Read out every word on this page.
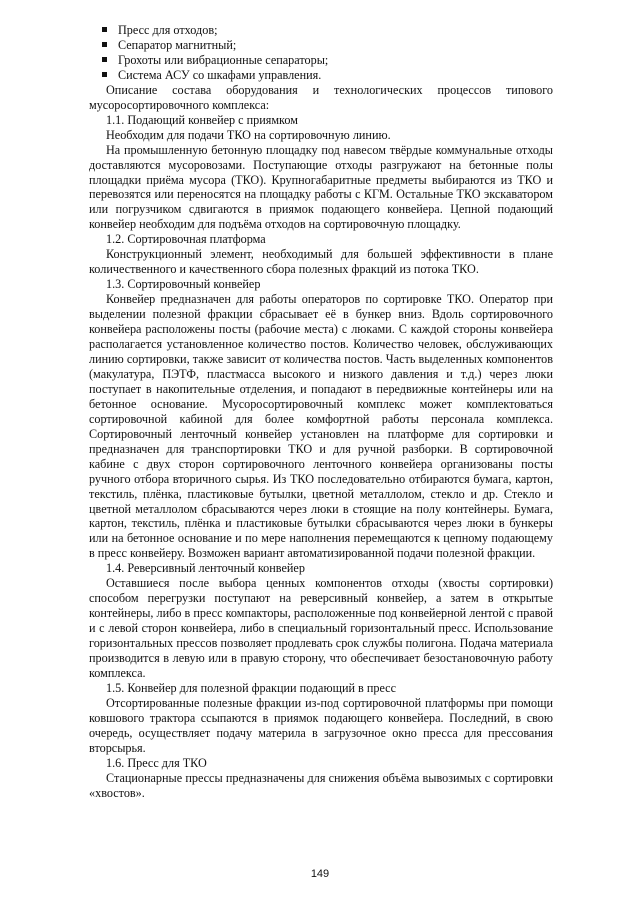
Пресс для отходов;
Сепаратор магнитный;
Грохоты или вибрационные сепараторы;
Система АСУ со шкафами управления.

Описание состава оборудования и технологических процессов типового мусоросортировочного комплекса:

1.1. Подающий конвейер с приямком

Необходим для подачи ТКО на сортировочную линию.

На промышленную бетонную площадку под навесом твёрдые коммунальные отходы доставляются мусоровозами. Поступающие отходы разгружают на бетонные полы площадки приёма мусора (ТКО). Крупногабаритные предметы выбираются из ТКО и перевозятся или переносятся на площадку работы с КГМ. Остальные ТКО экскаватором или погрузчиком сдвигаются в приямок подающего конвейера. Цепной подающий конвейер необходим для подъёма отходов на сортировочную площадку.

1.2. Сортировочная платформа

Конструкционный элемент, необходимый для большей эффективности в плане количественного и качественного сбора полезных фракций из потока ТКО.

1.3. Сортировочный конвейер

Конвейер предназначен для работы операторов по сортировке ТКО. Оператор при выделении полезной фракции сбрасывает её в бункер вниз. Вдоль сортировочного конвейера расположены посты (рабочие места) с люками. С каждой стороны конвейера располагается установленное количество постов. Количество человек, обслуживающих линию сортировки, также зависит от количества постов. Часть выделенных компонентов (макулатура, ПЭТФ, пластмасса высокого и низкого давления и т.д.) через люки поступает в накопительные отделения, и попадают в передвижные контейнеры или на бетонное основание. Мусоросортировочный комплекс может комплектоваться сортировочной кабиной для более комфортной работы персонала комплекса. Сортировочный ленточный конвейер установлен на платформе для сортировки и предназначен для транспортировки ТКО и для ручной разборки. В сортировочной кабине с двух сторон сортировочного ленточного конвейера организованы посты ручного отбора вторичного сырья. Из ТКО последовательно отбираются бумага, картон, текстиль, плёнка, пластиковые бутылки, цветной металлолом, стекло и др. Стекло и цветной металлолом сбрасываются через люки в стоящие на полу контейнеры. Бумага, картон, текстиль, плёнка и пластиковые бутылки сбрасываются через люки в бункеры или на бетонное основание и по мере наполнения перемещаются к цепному подающему в пресс конвейеру. Возможен вариант автоматизированной подачи полезной фракции.

1.4. Реверсивный ленточный конвейер

Оставшиеся после выбора ценных компонентов отходы (хвосты сортировки) способом перегрузки поступают на реверсивный конвейер, а затем в открытые контейнеры, либо в пресс компакторы, расположенные под конвейерной лентой с правой и с левой сторон конвейера, либо в специальный горизонтальный пресс. Использование горизонтальных прессов позволяет продлевать срок службы полигона. Подача материала производится в левую или в правую сторону, что обеспечивает безостановочную работу комплекса.

1.5. Конвейер для полезной фракции подающий в пресс

Отсортированные полезные фракции из-под сортировочной платформы при помощи ковшового трактора ссыпаются в приямок подающего конвейера. Последний, в свою очередь, осуществляет подачу материла в загрузочное окно пресса для прессования вторсырья.

1.6. Пресс для ТКО

Стационарные прессы предназначены для снижения объёма вывозимых с сортировки «хвостов».

149
